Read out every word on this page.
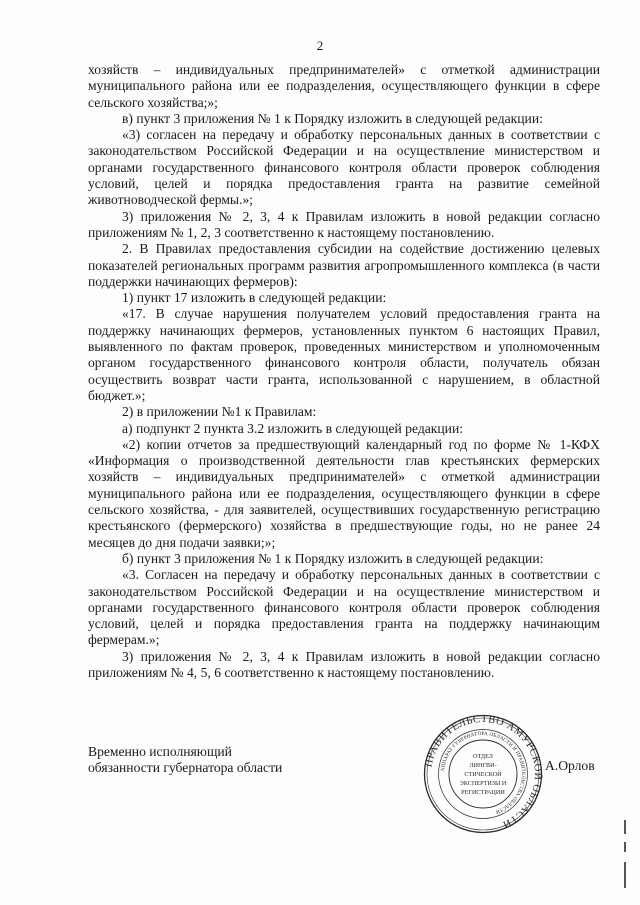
2

хозяйств – индивидуальных предпринимателей» с отметкой администрации муниципального района или ее подразделения, осуществляющего функции в сфере сельского хозяйства;»;

в) пункт 3 приложения № 1 к Порядку изложить в следующей редакции:

«3) согласен на передачу и обработку персональных данных в соответствии с законодательством Российской Федерации и на осуществление министерством и органами государственного финансового контроля области проверок соблюдения условий, целей и порядка предоставления гранта на развитие семейной животноводческой фермы.»;

3) приложения № 2, 3, 4 к Правилам изложить в новой редакции согласно приложениям № 1, 2, 3 соответственно к настоящему постановлению.

2. В Правилах предоставления субсидии на содействие достижению целевых показателей региональных программ развития агропромышленного комплекса (в части поддержки начинающих фермеров):

1) пункт 17 изложить в следующей редакции:

«17. В случае нарушения получателем условий предоставления гранта на поддержку начинающих фермеров, установленных пунктом 6 настоящих Правил, выявленного по фактам проверок, проведенных министерством и уполномоченным органом государственного финансового контроля области, получатель обязан осуществить возврат части гранта, использованной с нарушением, в областной бюджет.»;

2) в приложении №1 к Правилам:

а) подпункт 2 пункта 3.2 изложить в следующей редакции:

«2) копии отчетов за предшествующий календарный год по форме № 1-КФХ «Информация о производственной деятельности глав крестьянских фермерских хозяйств – индивидуальных предпринимателей» с отметкой администрации муниципального района или ее подразделения, осуществляющего функции в сфере сельского хозяйства, - для заявителей, осуществивших государственную регистрацию крестьянского (фермерского) хозяйства в предшествующие годы, но не ранее 24 месяцев до дня подачи заявки;»;

б) пункт 3 приложения № 1 к Порядку изложить в следующей редакции:

«3. Согласен на передачу и обработку персональных данных в соответствии с законодательством Российской Федерации и на осуществление министерством и органами государственного финансового контроля области проверок соблюдения условий, целей и порядка предоставления гранта на поддержку начинающим фермерам.»;

3) приложения № 2, 3, 4 к Правилам изложить в новой редакции согласно приложениям № 4, 5, 6 соответственно к настоящему постановлению.

Временно исполняющий
обязанности губернатора области	А.Орлов
ПРАВИТЕЛЬСТВО АМУРСКОЙ ОБЛАСТИ
АППАРАТ ГУБЕРНАТОРА ОБЛАСТИ И ПРАВИТЕЛЬСТВА ОБЛАСТИ
ОТДЕЛ
ЛИНГВИ-
СТИЧЕСКОЙ
ЭКСПЕРТИЗЫ И
РЕГИСТРАЦИИ
